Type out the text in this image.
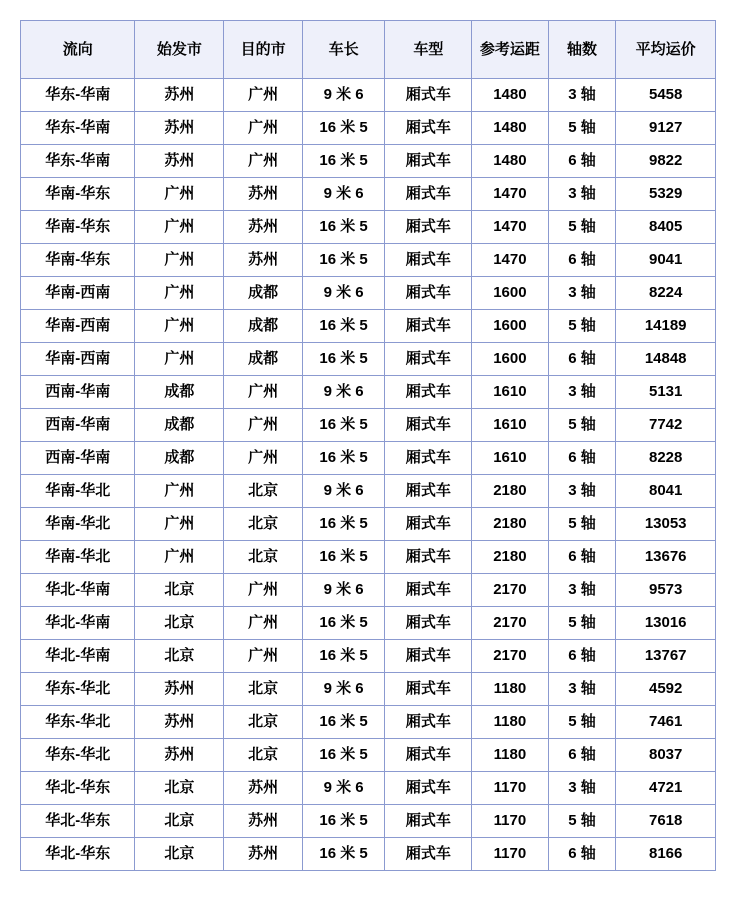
流向	始发市	目的市	车长	车型	参考运距	轴数	平均运价

华东-华南	苏州	广州	9 米 6	厢式车	1480	3 轴	5458
华东-华南	苏州	广州	16 米 5	厢式车	1480	5 轴	9127
华东-华南	苏州	广州	16 米 5	厢式车	1480	6 轴	9822
华南-华东	广州	苏州	9 米 6	厢式车	1470	3 轴	5329
华南-华东	广州	苏州	16 米 5	厢式车	1470	5 轴	8405
华南-华东	广州	苏州	16 米 5	厢式车	1470	6 轴	9041
华南-西南	广州	成都	9 米 6	厢式车	1600	3 轴	8224
华南-西南	广州	成都	16 米 5	厢式车	1600	5 轴	14189
华南-西南	广州	成都	16 米 5	厢式车	1600	6 轴	14848
西南-华南	成都	广州	9 米 6	厢式车	1610	3 轴	5131
西南-华南	成都	广州	16 米 5	厢式车	1610	5 轴	7742
西南-华南	成都	广州	16 米 5	厢式车	1610	6 轴	8228
华南-华北	广州	北京	9 米 6	厢式车	2180	3 轴	8041
华南-华北	广州	北京	16 米 5	厢式车	2180	5 轴	13053
华南-华北	广州	北京	16 米 5	厢式车	2180	6 轴	13676
华北-华南	北京	广州	9 米 6	厢式车	2170	3 轴	9573
华北-华南	北京	广州	16 米 5	厢式车	2170	5 轴	13016
华北-华南	北京	广州	16 米 5	厢式车	2170	6 轴	13767
华东-华北	苏州	北京	9 米 6	厢式车	1180	3 轴	4592
华东-华北	苏州	北京	16 米 5	厢式车	1180	5 轴	7461
华东-华北	苏州	北京	16 米 5	厢式车	1180	6 轴	8037
华北-华东	北京	苏州	9 米 6	厢式车	1170	3 轴	4721
华北-华东	北京	苏州	16 米 5	厢式车	1170	5 轴	7618
华北-华东	北京	苏州	16 米 5	厢式车	1170	6 轴	8166
